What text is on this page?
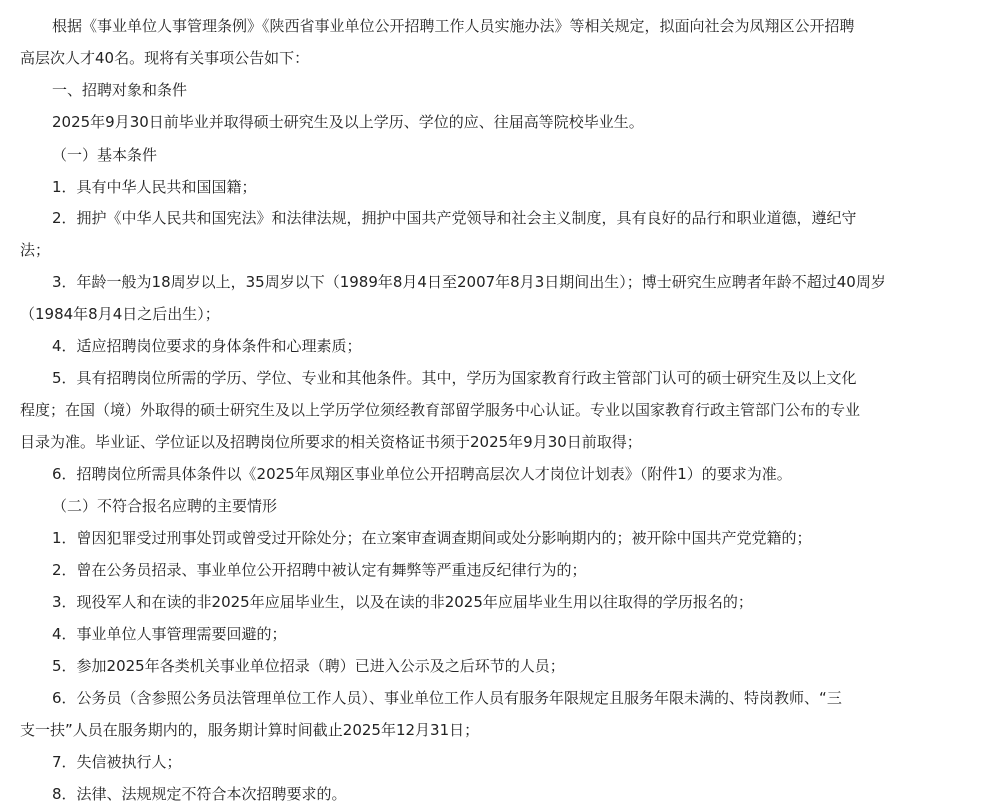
根据《事业单位人事管理条例》《陕西省事业单位公开招聘工作人员实施办法》等相关规定，拟面向社会为凤翔区公开招聘
高层次人才40名。现将有关事项公告如下：
一、招聘对象和条件
2025年9月30日前毕业并取得硕士研究生及以上学历、学位的应、往届高等院校毕业生。
（一）基本条件
1．具有中华人民共和国国籍；
2．拥护《中华人民共和国宪法》和法律法规，拥护中国共产党领导和社会主义制度，具有良好的品行和职业道德，遵纪守
法；
3．年龄一般为18周岁以上，35周岁以下（1989年8月4日至2007年8月3日期间出生）；博士研究生应聘者年龄不超过40周岁
（1984年8月4日之后出生）；
4．适应招聘岗位要求的身体条件和心理素质；
5．具有招聘岗位所需的学历、学位、专业和其他条件。其中，学历为国家教育行政主管部门认可的硕士研究生及以上文化
程度；在国（境）外取得的硕士研究生及以上学历学位须经教育部留学服务中心认证。专业以国家教育行政主管部门公布的专业
目录为准。毕业证、学位证以及招聘岗位所要求的相关资格证书须于2025年9月30日前取得；
6．招聘岗位所需具体条件以《2025年凤翔区事业单位公开招聘高层次人才岗位计划表》（附件1）的要求为准。
（二）不符合报名应聘的主要情形
1．曾因犯罪受过刑事处罚或曾受过开除处分；在立案审查调查期间或处分影响期内的；被开除中国共产党党籍的；
2．曾在公务员招录、事业单位公开招聘中被认定有舞弊等严重违反纪律行为的；
3．现役军人和在读的非2025年应届毕业生，以及在读的非2025年应届毕业生用以往取得的学历报名的；
4．事业单位人事管理需要回避的；
5．参加2025年各类机关事业单位招录（聘）已进入公示及之后环节的人员；
6．公务员（含参照公务员法管理单位工作人员）、事业单位工作人员有服务年限规定且服务年限未满的、特岗教师、“三
支一扶”人员在服务期内的，服务期计算时间截止2025年12月31日；
7．失信被执行人；
8．法律、法规规定不符合本次招聘要求的。
